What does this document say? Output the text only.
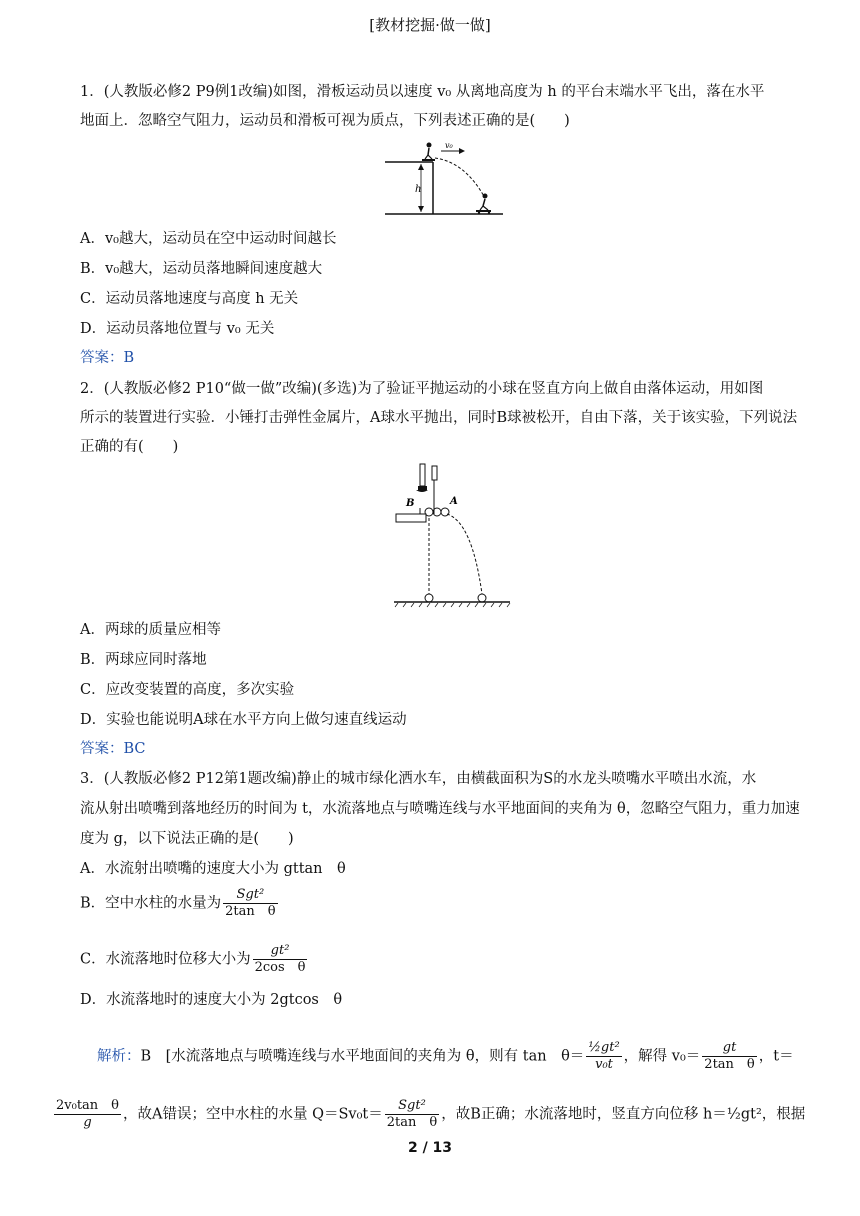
[教材挖掘·做一做]
1．(人教版必修2 P9例1改编)如图，滑板运动员以速度 v₀ 从离地高度为 h 的平台末端水平飞出，落在水平
地面上．忽略空气阻力，运动员和滑板可视为质点，下列表述正确的是(　　)
h
v₀
A．v₀越大，运动员在空中运动时间越长
B．v₀越大，运动员落地瞬间速度越大
C．运动员落地速度与高度 h 无关
D．运动员落地位置与 v₀ 无关
答案：B
2．(人教版必修2 P10“做一做”改编)(多选)为了验证平抛运动的小球在竖直方向上做自由落体运动，用如图
所示的装置进行实验．小锤打击弹性金属片，A球水平抛出，同时B球被松开，自由下落，关于该实验，下列说法
正确的有(　　)
B	A
A．两球的质量应相等
B．两球应同时落地
C．应改变装置的高度，多次实验
D．实验也能说明A球在水平方向上做匀速直线运动
答案：BC
3．(人教版必修2 P12第1题改编)静止的城市绿化洒水车，由横截面积为S的水龙头喷嘴水平喷出水流，水
流从射出喷嘴到落地经历的时间为 t，水流落地点与喷嘴连线与水平地面间的夹角为 θ，忽略空气阻力，重力加速
度为 g，以下说法正确的是(　　)
A．水流射出喷嘴的速度大小为 gttan　θ
B．空中水柱的水量为 $\frac{\text{Sgt²}}{\text{2tan　θ}}$
C．水流落地时位移大小为 $\frac{\text{gt²}}{\text{2cos　θ}}$
D．水流落地时的速度大小为 2gtcos　θ
解析：B　[水流落地点与喷嘴连线与水平地面间的夹角为 θ，则有 tan　$\theta= \frac{\text{½gt²}}{\text{v₀t}}$ ，解得 $v_0= \frac{gt}{\text{2tan　θ}}$ ，t＝
$\frac{\text{2v₀tan　θ}}{g}$ ，故A错误；空中水柱的水量 $Q=Sv_0t= \frac{\text{Sgt²}}{\text{2tan　θ}}$ ，故B正确；水流落地时，竖直方向位移 h＝½gt²，根据
2 / 13
